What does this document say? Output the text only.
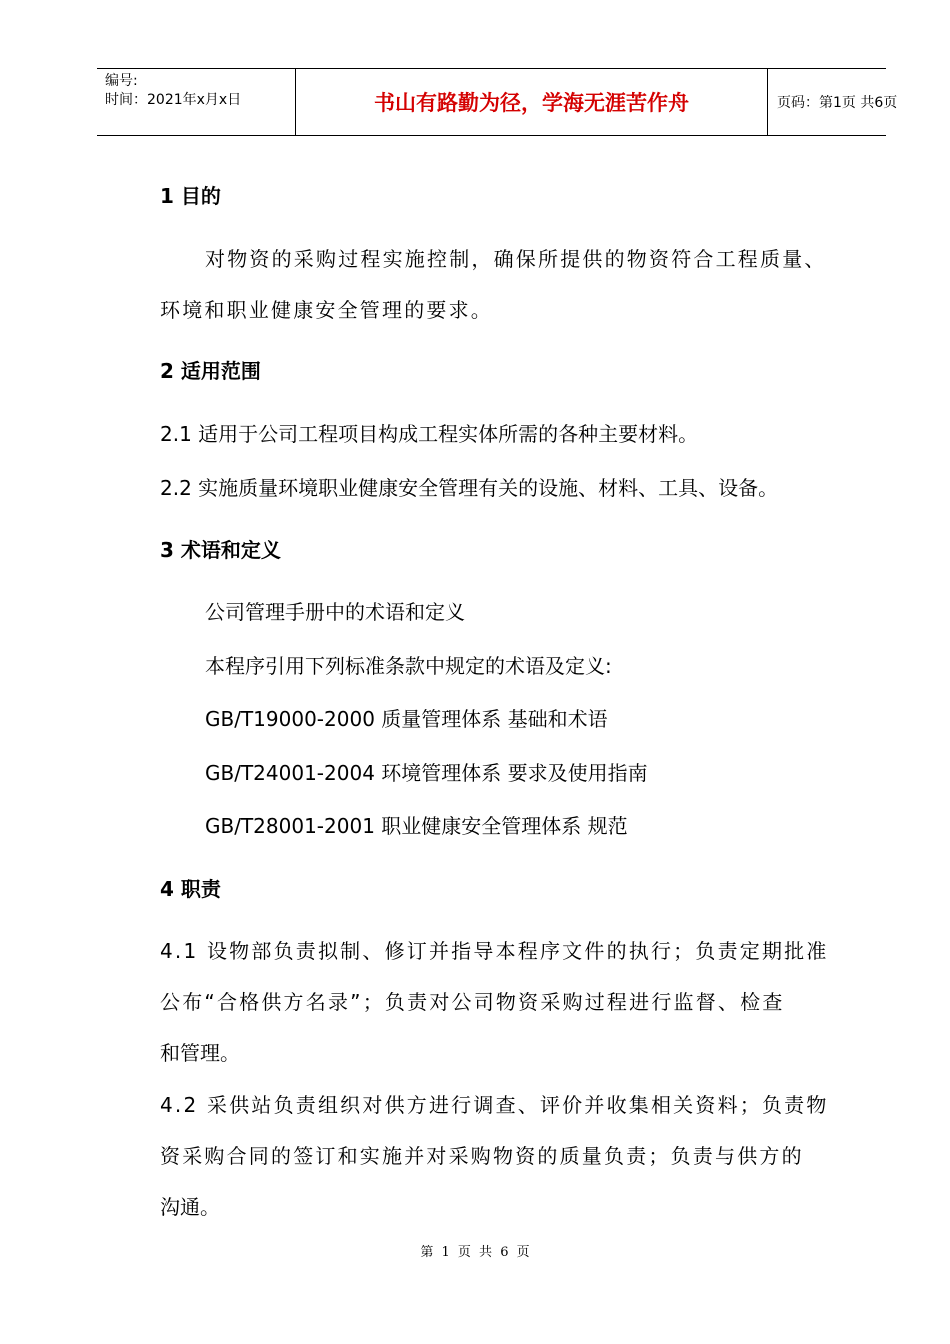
编号:
时间：2021年x月x日	书山有路勤为径，学海无涯苦作舟	页码：第1页 共6页
1 目的
对物资的采购过程实施控制，确保所提供的物资符合工程质量、
环境和职业健康安全管理的要求。
2 适用范围
2.1 适用于公司工程项目构成工程实体所需的各种主要材料。
2.2 实施质量环境职业健康安全管理有关的设施、材料、工具、设备。
3 术语和定义
公司管理手册中的术语和定义
本程序引用下列标准条款中规定的术语及定义:
GB/T19000-2000 质量管理体系 基础和术语
GB/T24001-2004 环境管理体系 要求及使用指南
GB/T28001-2001 职业健康安全管理体系 规范
4 职责
4.1 设物部负责拟制、修订并指导本程序文件的执行；负责定期批准
公布“合格供方名录”；负责对公司物资采购过程进行监督、检查
和管理。
4.2 采供站负责组织对供方进行调查、评价并收集相关资料；负责物
资采购合同的签订和实施并对采购物资的质量负责；负责与供方的
沟通。
第 1 页 共 6 页
